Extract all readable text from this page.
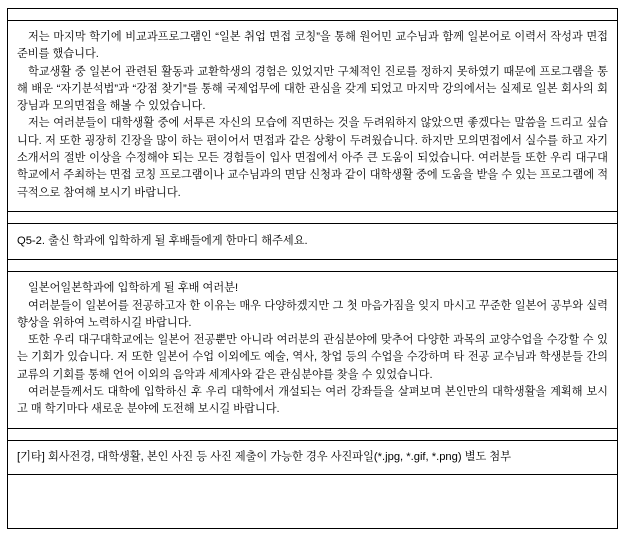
저는 마지막 학기에 비교과프로그램인 “일본 취업 면접 코칭”을 통해 원어민 교수님과 함께 일본어로 이력서 작성과 면접 준비를 했습니다.

학교생활 중 일본어 관련된 활동과 교환학생의 경험은 있었지만 구체적인 진로를 정하지 못하였기 때문에 프로그램을 통해 배운 “자기분석법”과 “강점 찾기”를 통해 국제업무에 대한 관심을 갖게 되었고 마지막 강의에서는 실제로 일본 회사의 회장님과 모의면접을 해볼 수 있었습니다.

저는 여러분들이 대학생활 중에 서투른 자신의 모습에 직면하는 것을 두려워하지 않았으면 좋겠다는 말씀을 드리고 싶습니다. 저 또한 굉장히 긴장을 많이 하는 편이어서 면접과 같은 상황이 두려웠습니다. 하지만 모의면접에서 실수를 하고 자기소개서의 절반 이상을 수정해야 되는 모든 경험들이 입사 면접에서 아주 큰 도움이 되었습니다. 여러분들 또한 우리 대구대학교에서 주최하는 면접 코칭 프로그램이나 교수님과의 면담 신청과 같이 대학생활 중에 도움을 받을 수 있는 프로그램에 적극적으로 참여해 보시기 바랍니다.

Q5-2. 출신 학과에 입학하게 될 후배들에게 한마디 해주세요.

일본어일본학과에 입학하게 될 후배 여러분!

여러분들이 일본어를 전공하고자 한 이유는 매우 다양하겠지만 그 첫 마음가짐을 잊지 마시고 꾸준한 일본어 공부와 실력 향상을 위하여 노력하시길 바랍니다.

또한 우리 대구대학교에는 일본어 전공뿐만 아니라 여러분의 관심분야에 맞추어 다양한 과목의 교양수업을 수강할 수 있는 기회가 있습니다. 저 또한 일본어 수업 이외에도 예술, 역사, 창업 등의 수업을 수강하며 타 전공 교수님과 학생분들 간의 교류의 기회를 통해 언어 이외의 음악과 세계사와 같은 관심분야를 찾을 수 있었습니다.

여러분들께서도 대학에 입학하신 후 우리 대학에서 개설되는 여러 강좌들을 살펴보며 본인만의 대학생활을 계획해 보시고 매 학기마다 새로운 분야에 도전해 보시길 바랍니다.

[기타] 회사전경, 대학생활, 본인 사진 등 사진 제출이 가능한 경우 사진파일(*.jpg, *.gif, *.png) 별도 첨부
